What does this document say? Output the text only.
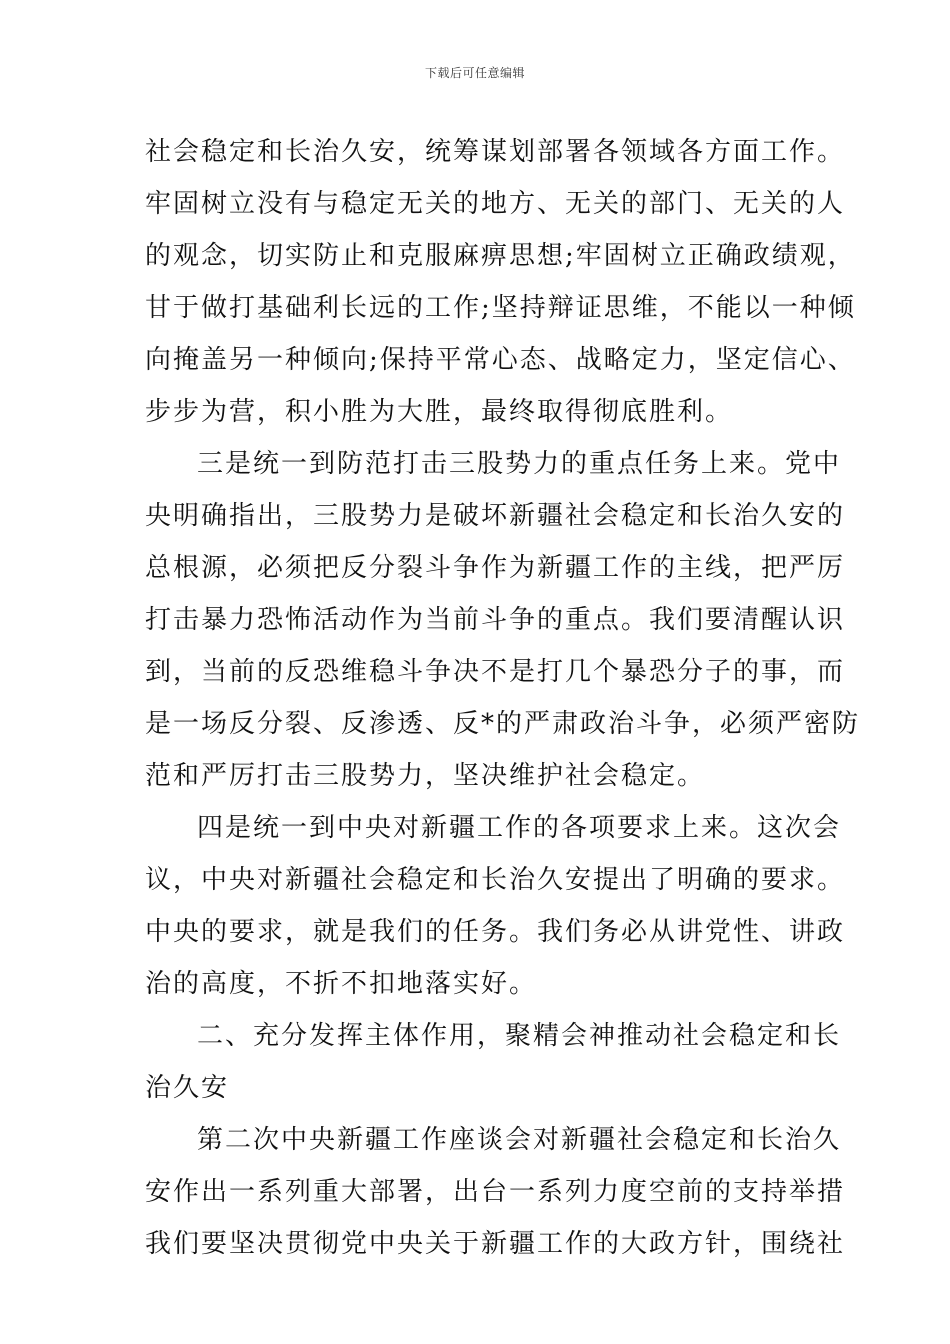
下载后可任意编辑
社会稳定和长治久安，统筹谋划部署各领域各方面工作。
牢固树立没有与稳定无关的地方、无关的部门、无关的人
的观念，切实防止和克服麻痹思想;牢固树立正确政绩观，
甘于做打基础利长远的工作;坚持辩证思维，不能以一种倾
向掩盖另一种倾向;保持平常心态、战略定力，坚定信心、
步步为营，积小胜为大胜，最终取得彻底胜利。
三是统一到防范打击三股势力的重点任务上来。党中
央明确指出，三股势力是破坏新疆社会稳定和长治久安的
总根源，必须把反分裂斗争作为新疆工作的主线，把严厉
打击暴力恐怖活动作为当前斗争的重点。我们要清醒认识
到，当前的反恐维稳斗争决不是打几个暴恐分子的事，而
是一场反分裂、反渗透、反*的严肃政治斗争，必须严密防
范和严厉打击三股势力，坚决维护社会稳定。
四是统一到中央对新疆工作的各项要求上来。这次会
议，中央对新疆社会稳定和长治久安提出了明确的要求。
中央的要求，就是我们的任务。我们务必从讲党性、讲政
治的高度，不折不扣地落实好。
二、充分发挥主体作用，聚精会神推动社会稳定和长
治久安
第二次中央新疆工作座谈会对新疆社会稳定和长治久
安作出一系列重大部署，出台一系列力度空前的支持举措
我们要坚决贯彻党中央关于新疆工作的大政方针，围绕社
